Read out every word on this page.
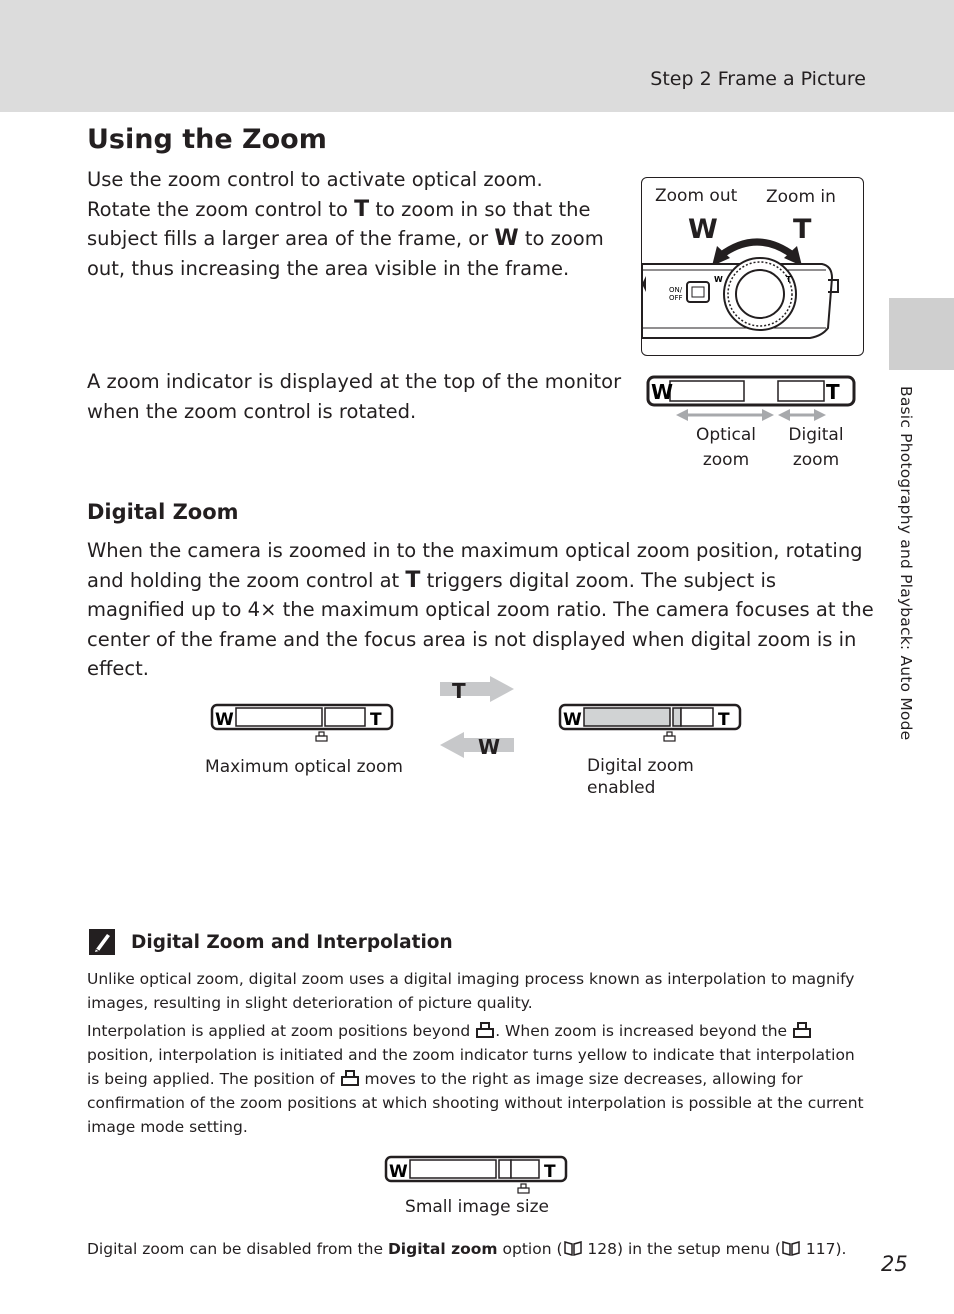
Step 2 Frame a Picture
Basic Photography and Playback: Auto Mode
Using the Zoom

Use the zoom control to activate optical zoom. Rotate the zoom control to T to zoom in so that the subject fills a larger area of the frame, or W to zoom out, thus increasing the area visible in the frame.

Zoom out Zoom in
W	T
ON/
OFF
W	T

A zoom indicator is displayed at the top of the monitor when the zoom control is rotated.

W	T
Optical
zoom
Digital
zoom
Digital Zoom

When the camera is zoomed in to the maximum optical zoom position, rotating and holding the zoom control at T triggers digital zoom. The subject is magnified up to 4× the maximum optical zoom ratio. The camera focuses at the center of the frame and the focus area is not displayed when digital zoom is in effect.

W	T
Maximum optical zoom
T
W
W	T
Digital zoom
enabled
Digital Zoom and Interpolation

Unlike optical zoom, digital zoom uses a digital imaging process known as interpolation to magnify images, resulting in slight deterioration of picture quality.

Interpolation is applied at zoom positions beyond . When zoom is increased beyond the  position, interpolation is initiated and the zoom indicator turns yellow to indicate that interpolation is being applied. The position of  moves to the right as image size decreases, allowing for confirmation of the zoom positions at which shooting without interpolation is possible at the current image mode setting.

W	T
Small image size
Digital zoom can be disabled from the Digital zoom option ( 128) in the setup menu ( 117).
25
